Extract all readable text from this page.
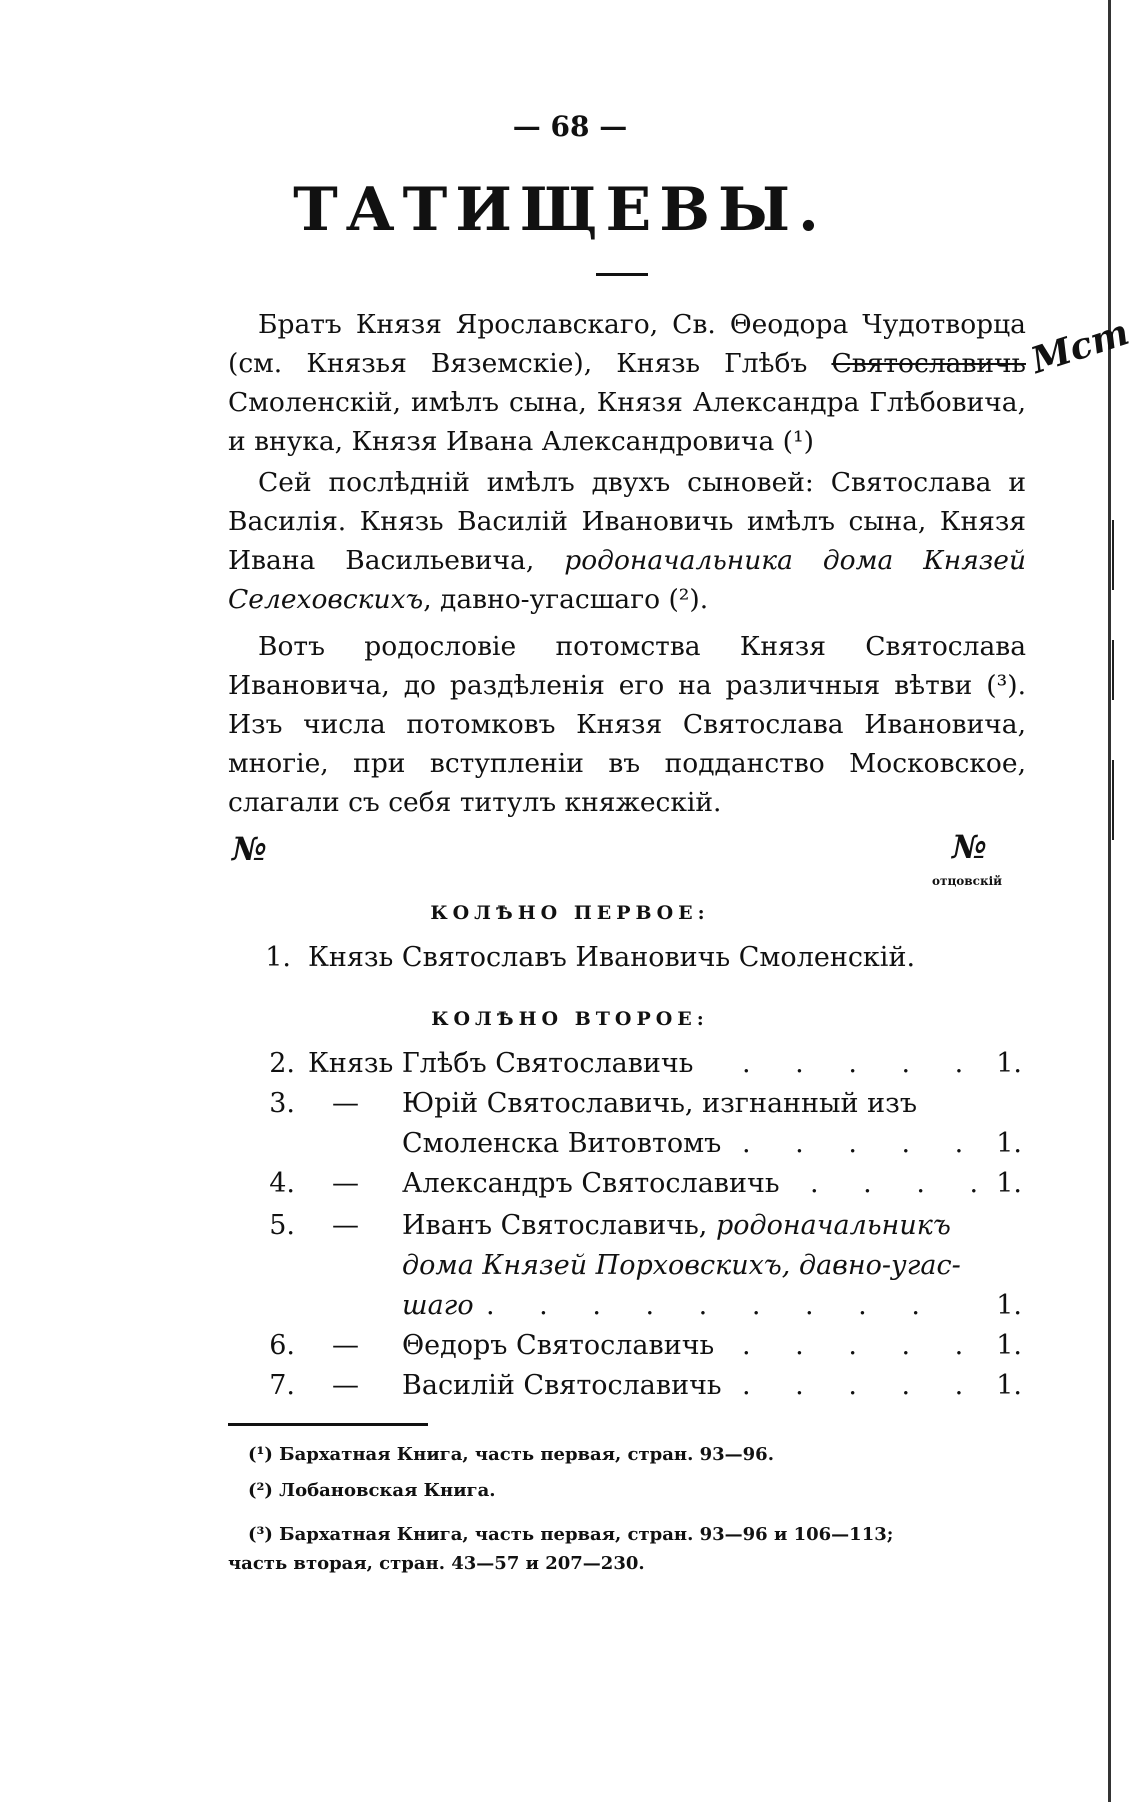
— 68 —
ТАТИЩЕВЫ.

Братъ Князя Ярославскаго, Св. Θеодора Чудотворца (см. Князья Вяземскіе), Князь Глѣбъ Святославичь Смоленскій, имѣлъ сына, Князя Александра Глѣбовича, и внука, Князя Ивана Александровича (¹)

Мст

Сей послѣдній имѣлъ двухъ сыновей: Святослава и Василія. Князь Василій Ивановичь имѣлъ сына, Князя Ивана Васильевича, родоначальника дома Князей Селеховскихъ, давно-угасшаго (²).

Вотъ родословіе потомства Князя Святослава Ивановича, до раздѣленія его на различныя вѣтви (³). Изъ числа потомковъ Князя Святослава Ивановича, многіе, при вступленіи въ подданство Московское, слагали съ себя титулъ княжескій.

№	№
отцовскій
КОЛѢНО ПЕРВОЕ:
1. Князь Святославъ Ивановичь Смоленскій.
КОЛѢНО ВТОРОЕ:
2. Князь Глѣбъ Святославичь . . . . . 1.
3. — Юрій Святославичь, изгнанный изъ
Смоленска Витовтомъ . . . . . 1.
4. — Александръ Святославичь . . . . 1.
5. — Иванъ Святославичь, родоначальникъ
дома Князей Порховскихъ, давно-угас-
шаго . . . . . . . . . 1.
6. — Θедоръ Святославичь . . . . . 1.
7. — Василій Святославичь . . . . . 1.
(¹) Бархатная Книга, часть первая, стран. 93—96.
(²) Лобановская Книга.
(³) Бархатная Книга, часть первая, стран. 93—96 и 106—113;
часть вторая, стран. 43—57 и 207—230.
